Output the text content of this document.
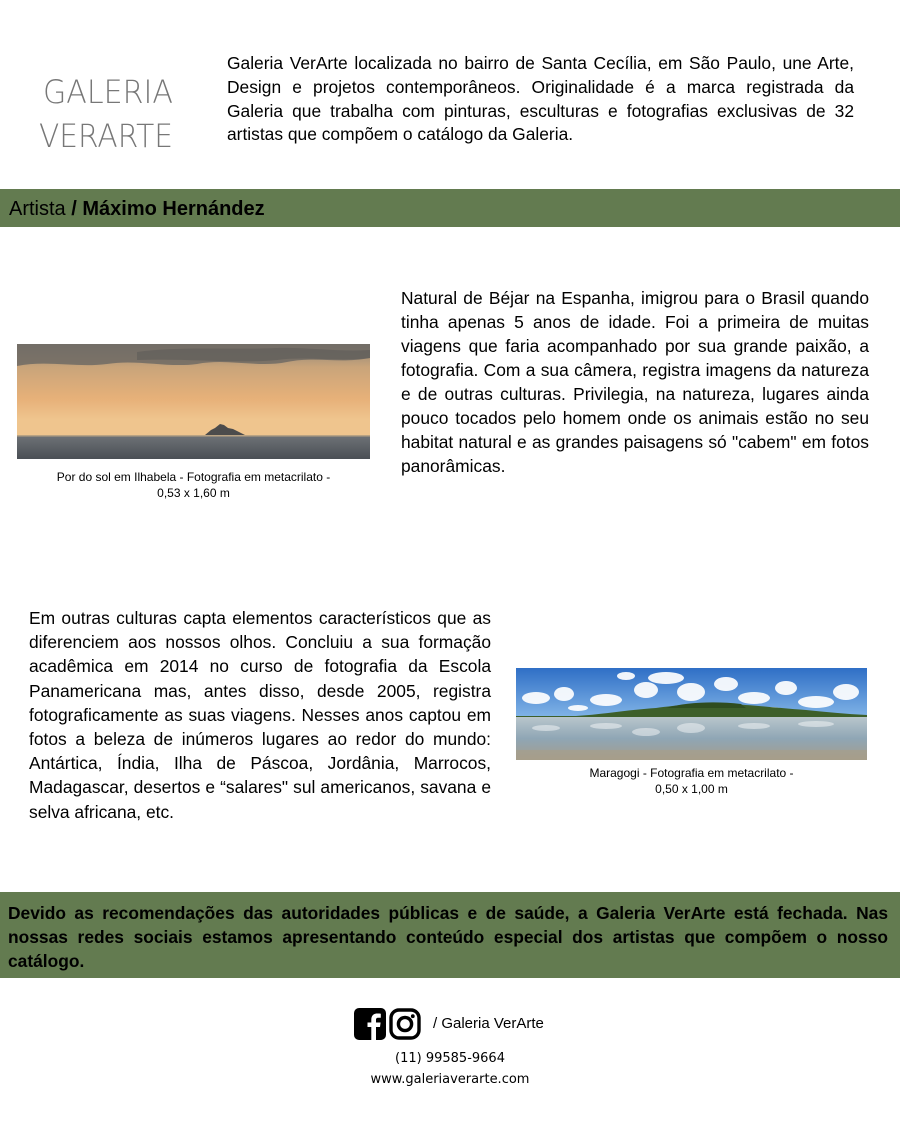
GALERIA
VERARTE

Galeria VerArte localizada no bairro de Santa Cecília, em São Paulo, une Arte, Design e projetos contemporâneos. Originalidade é a marca registrada da Galeria que trabalha com pinturas, esculturas e fotografias exclusivas de 32 artistas que compõem o catálogo da Galeria.

Artista / Máximo Hernández
Por do sol em Ilhabela - Fotografia em metacrilato -
0,53 x 1,60 m

Natural de Béjar na Espanha, imigrou para o Brasil quando tinha apenas 5 anos de idade. Foi a primeira de muitas viagens que faria acompanhado por sua grande paixão, a fotografia. Com a sua câmera, registra imagens da natureza e de outras culturas. Privilegia, na natureza, lugares ainda pouco tocados pelo homem onde os animais estão no seu habitat natural e as grandes paisagens só "cabem" em fotos panorâmicas.

Em outras culturas capta elementos característicos que as diferenciem aos nossos olhos. Concluiu a sua formação acadêmica em 2014 no curso de fotografia da Escola Panamericana mas, antes disso, desde 2005, registra fotograficamente as suas viagens. Nesses anos captou em fotos a beleza de inúmeros lugares ao redor do mundo: Antártica, Índia, Ilha de Páscoa, Jordânia, Marrocos, Madagascar, desertos e “salares" sul americanos, savana e selva africana, etc.

Maragogi - Fotografia em metacrilato -
0,50 x 1,00 m

Devido as recomendações das autoridades públicas e de saúde, a Galeria VerArte está fechada. Nas nossas redes sociais estamos apresentando conteúdo especial dos artistas que compõem o nosso catálogo.

/ Galeria VerArte
(11) 99585-9664
www.galeriaverarte.com
